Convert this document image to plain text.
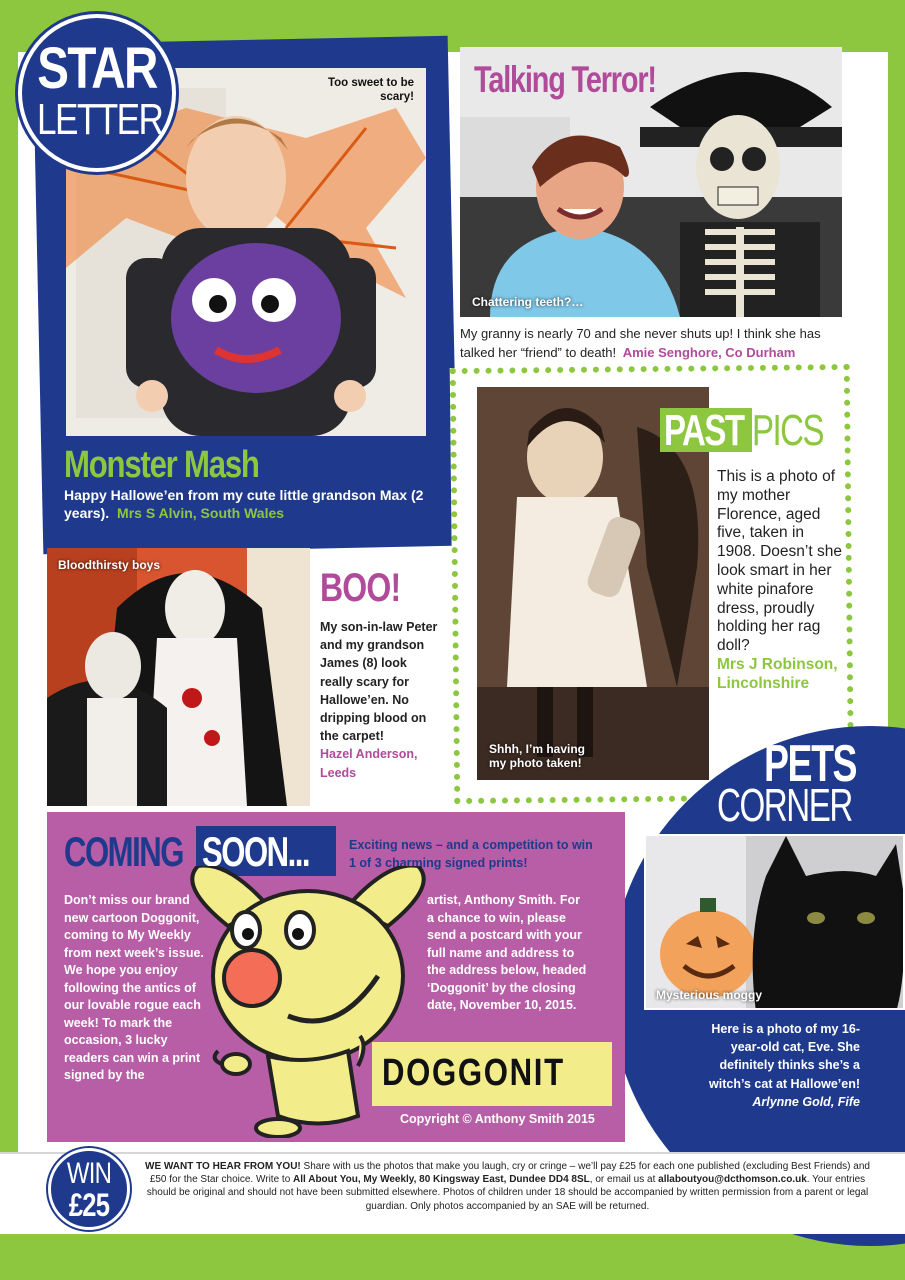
Too sweet to be scary!
STAR
LETTER
Monster Mash
Happy Hallowe’en from my cute little grandson Max (2 years). Mrs S Alvin, South Wales
Talking Terror!
Chattering teeth?…
My granny is nearly 70 and she never shuts up! I think she has talked her “friend” to death! Amie Senghore, Co Durham
Shhh, I’m having
my photo taken!
PAST PICS
This is a photo of my mother Florence, aged five, taken in 1908. Doesn’t she look smart in her white pinafore dress, proudly holding her rag doll?
Mrs J Robinson, Lincolnshire
Bloodthirsty boys
BOO!
My son-in-law Peter and my grandson James (8) look really scary for Hallowe’en. No dripping blood on the carpet!
Hazel Anderson, Leeds	PETS
CORNER
Mysterious moggy
Here is a photo of my 16-year-old cat, Eve. She definitely thinks she’s a witch’s cat at Hallowe’en!
Arlynne Gold, Fife
COMING SOON...	Exciting news – and a competition to win 1 of 3 charming signed prints!
Don’t miss our brand new cartoon Doggonit, coming to My Weekly from next week’s issue. We hope you enjoy following the antics of our lovable rogue each week! To mark the occasion, 3 lucky readers can win a print signed by the
artist, Anthony Smith. For a chance to win, please send a postcard with your full name and address to the address below, headed ‘Doggonit’ by the closing date, November 10, 2015.
DOGGONIT
Copyright © Anthony Smith 2015
WIN
£25
WE WANT TO HEAR FROM YOU! Share with us the photos that make you laugh, cry or cringe – we’ll pay £25 for each one published (excluding Best Friends) and £50 for the Star choice. Write to All About You, My Weekly, 80 Kingsway East, Dundee DD4 8SL, or email us at allaboutyou@dcthomson.co.uk. Your entries should be original and should not have been submitted elsewhere. Photos of children under 18 should be accompanied by written permission from a parent or legal guardian. Only photos accompanied by an SAE will be returned.
